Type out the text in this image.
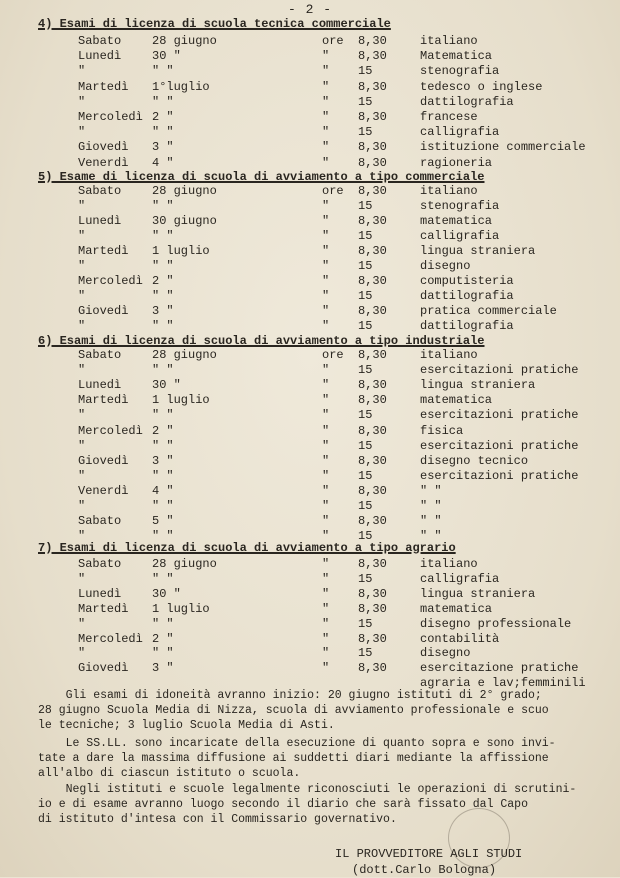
- 2 -
4) Esami di licenza di scuola tecnica commerciale
Sabato	28 giugno	ore 8,30	italiano
Lunedì	30 "	" 8,30	Matematica
"	" "	" 15	stenografia
Martedì 1°luglio	" 8,30	tedesco o inglese
"	" "	" 15	dattilografia
Mercoledì 2 "	" 8,30	francese
"	" "	" 15	calligrafia
Giovedì 3 "	" 8,30	istituzione commerciale
Venerdì 4 "	" 8,30	ragioneria
5) Esame di licenza di scuola di avviamento a tipo commerciale
Sabato	28 giugno	ore 8,30	italiano
"	" "	" 15	stenografia
Lunedì	30 giugno	" 8,30	matematica
"	" "	" 15	calligrafia
Martedì 1 luglio	" 8,30	lingua straniera
"	" "	" 15	disegno
Mercoledì 2 "	" 8,30	computisteria
"	" "	" 15	dattilografia
Giovedì 3 "	" 8,30	pratica commerciale
"	" "	" 15	dattilografia
6) Esami di licenza di scuola di avviamento a tipo industriale
Sabato	28 giugno	ore 8,30	italiano
"	" "	" 15	esercitazioni pratiche
Lunedì	30 "	" 8,30	lingua straniera
Martedì 1 luglio	" 8,30	matematica
"	" "	" 15	esercitazioni pratiche
Mercoledì 2 "	" 8,30	fisica
"	" "	" 15	esercitazioni pratiche
Giovedì 3 "	" 8,30	disegno tecnico
"	" "	" 15	esercitazioni pratiche
Venerdì 4 "	" 8,30	" "
"	" "	" 15	" "
Sabato	5 "	" 8,30	" "
"	" "	" 15	" "
7) Esami di licenza di scuola di avviamento a tipo agrario
Sabato	28 giugno	" 8,30	italiano
"	" "	" 15	calligrafia
Lunedì	30 "	" 8,30	lingua straniera
Martedì 1 luglio	" 8,30	matematica
"	" "	" 15	disegno professionale
Mercoledì 2 "	" 8,30	contabilità
"	" "	" 15	disegno
Giovedì 3 "	" 8,30	esercitazione pratiche
agraria e lav;femminili
Gli esami di idoneità avranno inizio: 20 giugno istituti di 2° grado;
28 giugno Scuola Media di Nizza, scuola di avviamento professionale e scuo
le tecniche; 3 luglio Scuola Media di Asti.
Le SS.LL. sono incaricate della esecuzione di quanto sopra e sono invi-
tate a dare la massima diffusione ai suddetti diari mediante la affissione
all'albo di ciascun istituto o scuola.
Negli istituti e scuole legalmente riconosciuti le operazioni di scrutini-
io e di esame avranno luogo secondo il diario che sarà fissato dal Capo
di istituto d'intesa con il Commissario governativo.
IL PROVVEDITORE AGLI STUDI
(dott.Carlo Bologna)
